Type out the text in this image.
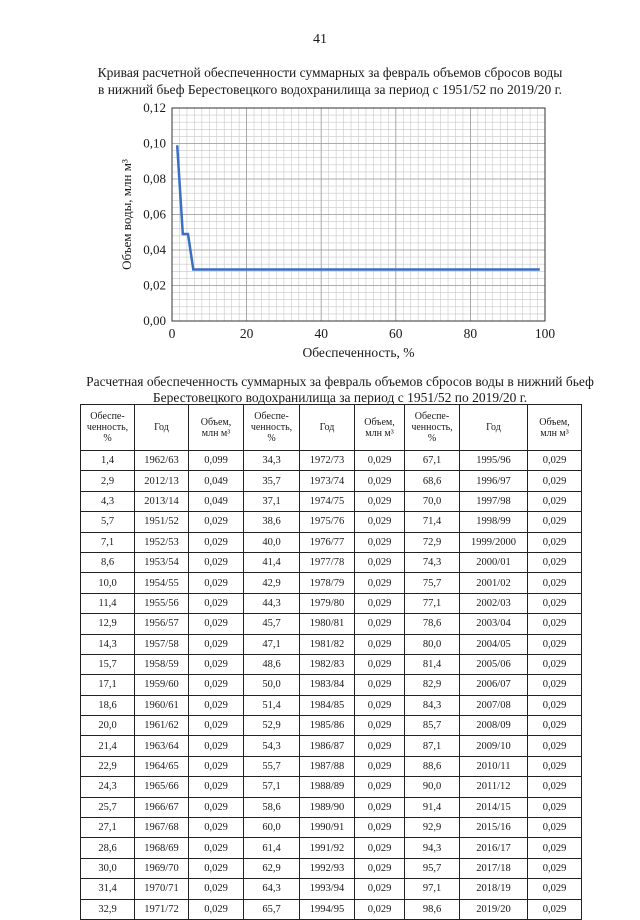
41
Кривая расчетной обеспеченности суммарных за февраль объемов сбросов воды
в нижний бьеф Берестовецкого водохранилища за период с 1951/52 по 2019/20 г.
0,00
0,02
0,04
0,06
0,08
0,10
0,12
0	20	40	60	80	100
Объем воды, млн м³
Обеспеченность, %
Расчетная обеспеченность суммарных за февраль объемов сбросов воды в нижний бьеф
Берестовецкого водохранилища за период с 1951/52 по 2019/20 г.
Обеспе-
ченность,
%	Год	Объем,
млн м³	Обеспе-
ченность,
%	Год	Объем,
млн м³	Обеспе-
ченность,
%	Год	Объем,
млн м³
1,4	1962/63	0,099	34,3	1972/73	0,029	67,1	1995/96	0,029
2,9	2012/13	0,049	35,7	1973/74	0,029	68,6	1996/97	0,029
4,3	2013/14	0,049	37,1	1974/75	0,029	70,0	1997/98	0,029
5,7	1951/52	0,029	38,6	1975/76	0,029	71,4	1998/99	0,029
7,1	1952/53	0,029	40,0	1976/77	0,029	72,9	1999/2000	0,029
8,6	1953/54	0,029	41,4	1977/78	0,029	74,3	2000/01	0,029
10,0	1954/55	0,029	42,9	1978/79	0,029	75,7	2001/02	0,029
11,4	1955/56	0,029	44,3	1979/80	0,029	77,1	2002/03	0,029
12,9	1956/57	0,029	45,7	1980/81	0,029	78,6	2003/04	0,029
14,3	1957/58	0,029	47,1	1981/82	0,029	80,0	2004/05	0,029
15,7	1958/59	0,029	48,6	1982/83	0,029	81,4	2005/06	0,029
17,1	1959/60	0,029	50,0	1983/84	0,029	82,9	2006/07	0,029
18,6	1960/61	0,029	51,4	1984/85	0,029	84,3	2007/08	0,029
20,0	1961/62	0,029	52,9	1985/86	0,029	85,7	2008/09	0,029
21,4	1963/64	0,029	54,3	1986/87	0,029	87,1	2009/10	0,029
22,9	1964/65	0,029	55,7	1987/88	0,029	88,6	2010/11	0,029
24,3	1965/66	0,029	57,1	1988/89	0,029	90,0	2011/12	0,029
25,7	1966/67	0,029	58,6	1989/90	0,029	91,4	2014/15	0,029
27,1	1967/68	0,029	60,0	1990/91	0,029	92,9	2015/16	0,029
28,6	1968/69	0,029	61,4	1991/92	0,029	94,3	2016/17	0,029
30,0	1969/70	0,029	62,9	1992/93	0,029	95,7	2017/18	0,029
31,4	1970/71	0,029	64,3	1993/94	0,029	97,1	2018/19	0,029
32,9	1971/72	0,029	65,7	1994/95	0,029	98,6	2019/20	0,029
